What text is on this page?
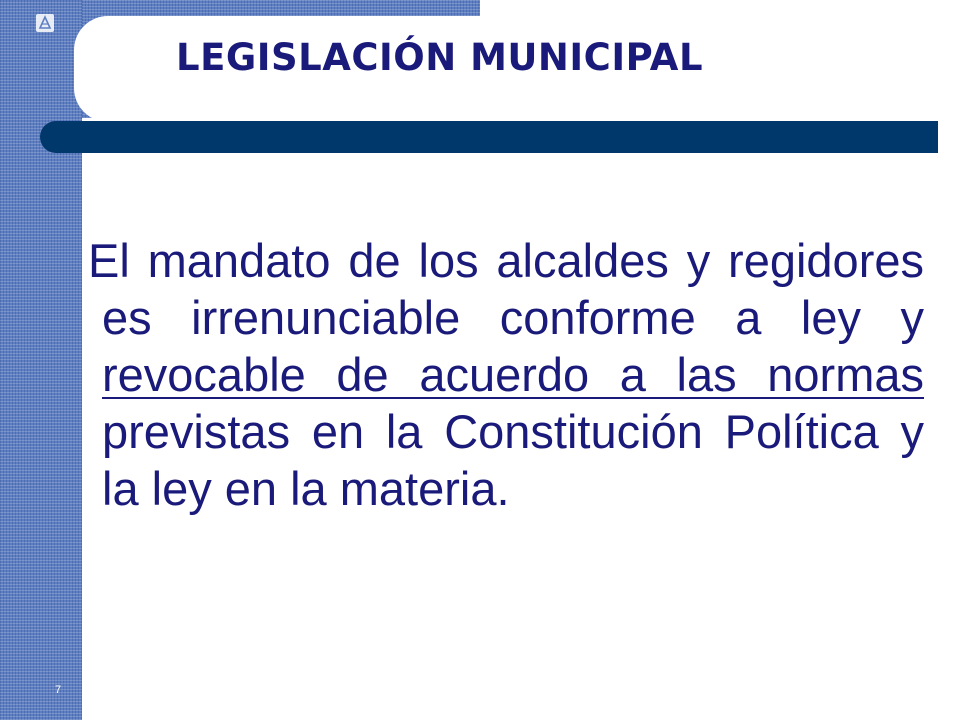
LEGISLACIÓN MUNICIPAL

El mandato de los alcaldes y regidores es irrenunciable conforme a ley y revocable de acuerdo a las normas previstas en la Constitución Política y la ley en la materia.

7
